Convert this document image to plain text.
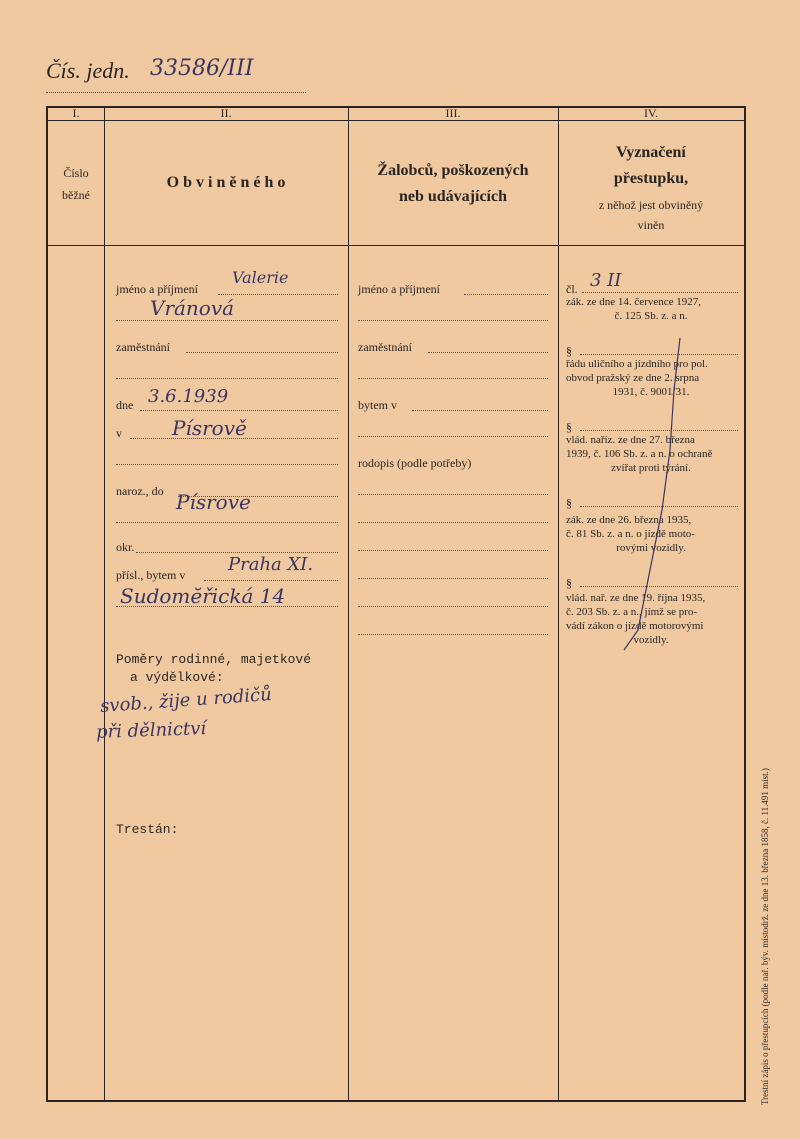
Čís. jedn. 33586/III
I.	II.	III.	IV.
Číslo
běžné
O b v i n ě n é h o
Žalobců, poškozených
neb udávajících
Vyznačení
přestupku,
z něhož jest obviněný
viněn
jméno a příjmení
Valerie
Vránová
zaměstnání
dne 3.6.1939
v	Písrově
naroz., do Písrove
okr.
přísl., bytem v Praha XI.
Sudomĕřická 14
Poměry rodinné, majetkové
a výdělkové:
svob., žije u rodičů
při dělnictví
Trestán:
jméno a příjmení
zaměstnání
bytem v
rodopis (podle potřeby)
čl. 3 II
zák. ze dne 14. července 1927,
č. 125 Sb. z. a n.
§
řádu uličního a jízdního pro pol.
obvod pražský ze dne 2. srpna
1931, č. 9001/31.
§
vlád. naříz. ze dne 27. března
1939, č. 106 Sb. z. a n. o ochraně
zvířat proti týrání.
§
zák. ze dne 26. března 1935,
č. 81 Sb. z. a n. o jízdě moto-
rovými vozidly.
§
vlád. nař. ze dne 19. října 1935,
č. 203 Sb. z. a n., jímž se pro-
vádí zákon o jízdě motorovými
vozidly.
Trestní zápis o přestupcích (podle nař. býv. místodrž. ze dne 13. března 1858, č. 11.491 míst.)
